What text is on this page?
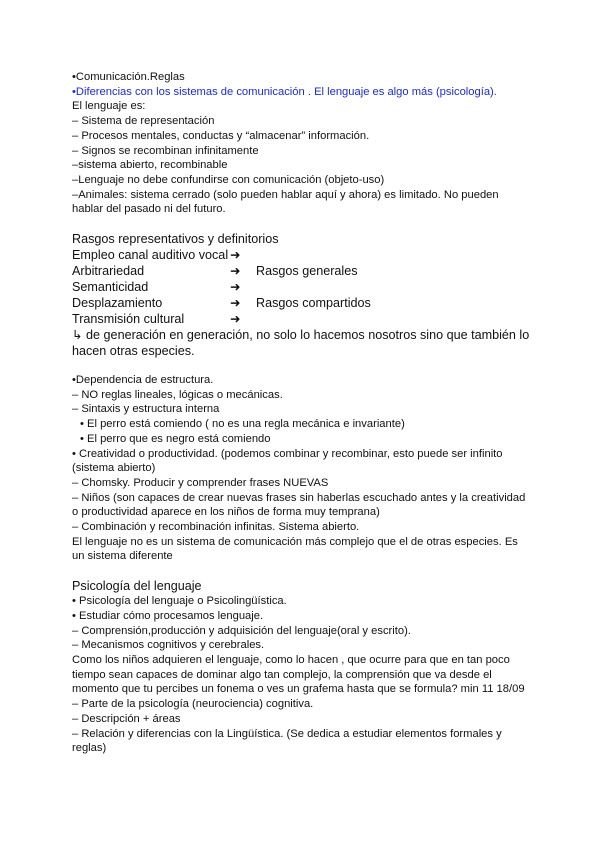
•Comunicación.Reglas
•Diferencias con los sistemas de comunicación . El lenguaje es algo más (psicología).
El lenguaje es:
– Sistema de representación
– Procesos mentales, conductas y “almacenar” información.
– Signos se recombinan infinitamente
–sistema abierto, recombinable
–Lenguaje no debe confundirse con comunicación (objeto-uso)
–Animales: sistema cerrado (solo pueden hablar aquí y ahora) es limitado. No pueden
hablar del pasado ni del futuro.
Rasgos representativos y definitorios
Empleo canal auditivo vocal ➜
Arbitrariedad	➜	Rasgos generales
Semanticidad	➜
Desplazamiento	➜	Rasgos compartidos
Transmisión cultural	➜
↳ de generación en generación, no solo lo hacemos nosotros sino que también lo
hacen otras especies.
•Dependencia de estructura.
– NO reglas lineales, lógicas o mecánicas.
– Sintaxis y estructura interna
• El perro está comiendo ( no es una regla mecánica e invariante)
• El perro que es negro está comiendo
• Creatividad o productividad. (podemos combinar y recombinar, esto puede ser infinito
(sistema abierto)
– Chomsky. Producir y comprender frases NUEVAS
– Niños (son capaces de crear nuevas frases sin haberlas escuchado antes y la creatividad
o productividad aparece en los niños de forma muy temprana)
– Combinación y recombinación infinitas. Sistema abierto.
El lenguaje no es un sistema de comunicación más complejo que el de otras especies. Es
un sistema diferente
Psicología del lenguaje
• Psicología del lenguaje o Psicolingüística.
• Estudiar cómo procesamos lenguaje.
– Comprensión,producción y adquisición del lenguaje(oral y escrito).
– Mecanismos cognitivos y cerebrales.
Como los niños adquieren el lenguaje, como lo hacen , que ocurre para que en tan poco
tiempo sean capaces de dominar algo tan complejo, la comprensión que va desde el
momento que tu percibes un fonema o ves un grafema hasta que se formula? min 11 18/09
– Parte de la psicología (neurociencia) cognitiva.
– Descripción + áreas
– Relación y diferencias con la Lingüística. (Se dedica a estudiar elementos formales y
reglas)
